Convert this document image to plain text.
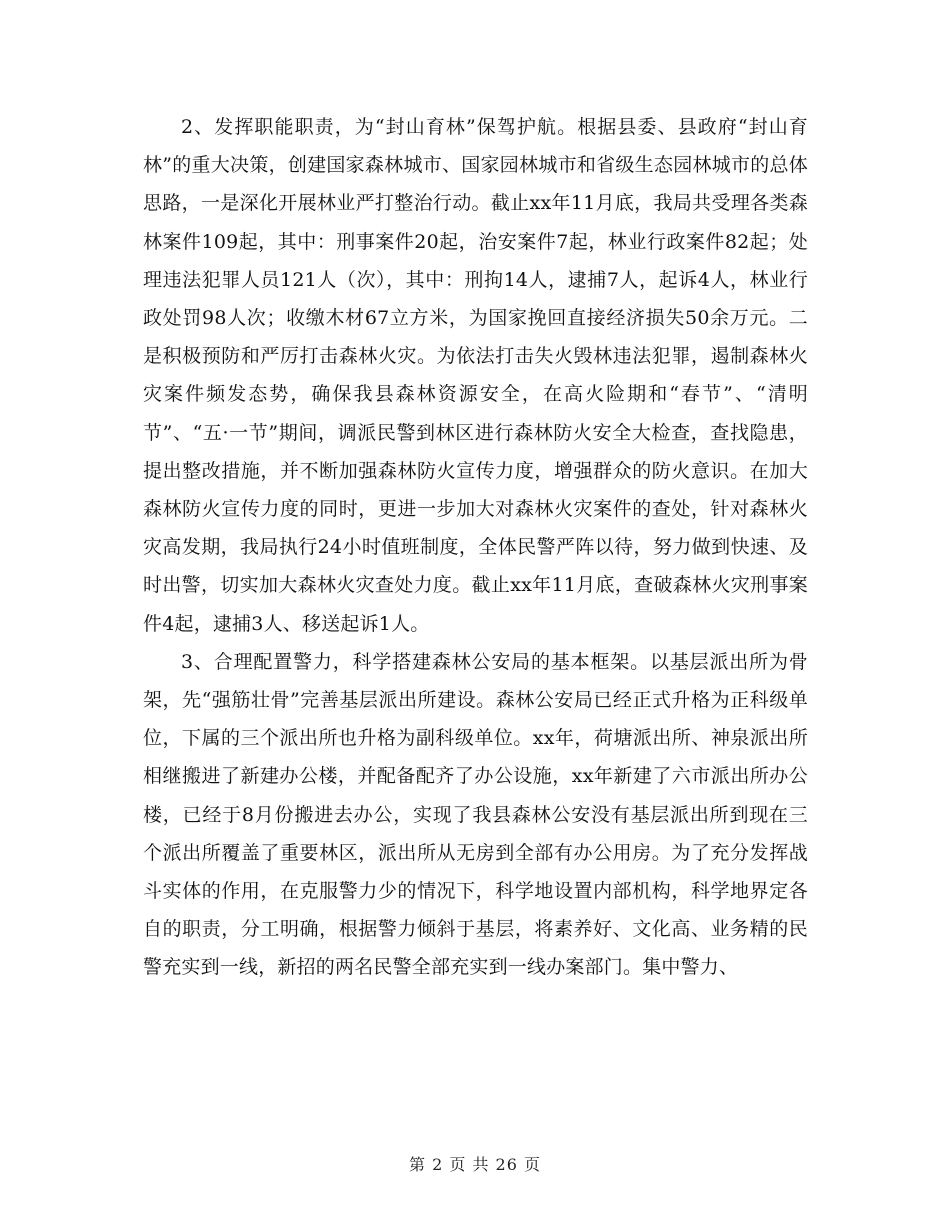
2、发挥职能职责，为“封山育林”保驾护航。根据县委、县政府“封山育林”的重大决策，创建国家森林城市、国家园林城市和省级生态园林城市的总体思路，一是深化开展林业严打整治行动。截止xx年11月底，我局共受理各类森林案件109起，其中：刑事案件20起，治安案件7起，林业行政案件82起；处理违法犯罪人员121人（次），其中：刑拘14人，逮捕7人，起诉4人，林业行政处罚98人次；收缴木材67立方米，为国家挽回直接经济损失50余万元。二是积极预防和严厉打击森林火灾。为依法打击失火毁林违法犯罪，遏制森林火灾案件频发态势，确保我县森林资源安全，在高火险期和“春节”、“清明节”、“五·一节”期间，调派民警到林区进行森林防火安全大检查，查找隐患，提出整改措施，并不断加强森林防火宣传力度，增强群众的防火意识。在加大森林防火宣传力度的同时，更进一步加大对森林火灾案件的查处，针对森林火灾高发期，我局执行24小时值班制度，全体民警严阵以待，努力做到快速、及时出警，切实加大森林火灾查处力度。截止xx年11月底，查破森林火灾刑事案件4起，逮捕3人、移送起诉1人。

3、合理配置警力，科学搭建森林公安局的基本框架。以基层派出所为骨架，先“强筋壮骨”完善基层派出所建设。森林公安局已经正式升格为正科级单位，下属的三个派出所也升格为副科级单位。xx年，荷塘派出所、神泉派出所相继搬进了新建办公楼，并配备配齐了办公设施，xx年新建了六市派出所办公楼，已经于8月份搬进去办公，实现了我县森林公安没有基层派出所到现在三个派出所覆盖了重要林区，派出所从无房到全部有办公用房。为了充分发挥战斗实体的作用，在克服警力少的情况下，科学地设置内部机构，科学地界定各自的职责，分工明确，根据警力倾斜于基层，将素养好、文化高、业务精的民警充实到一线，新招的两名民警全部充实到一线办案部门。集中警力、

第 2 页 共 26 页
